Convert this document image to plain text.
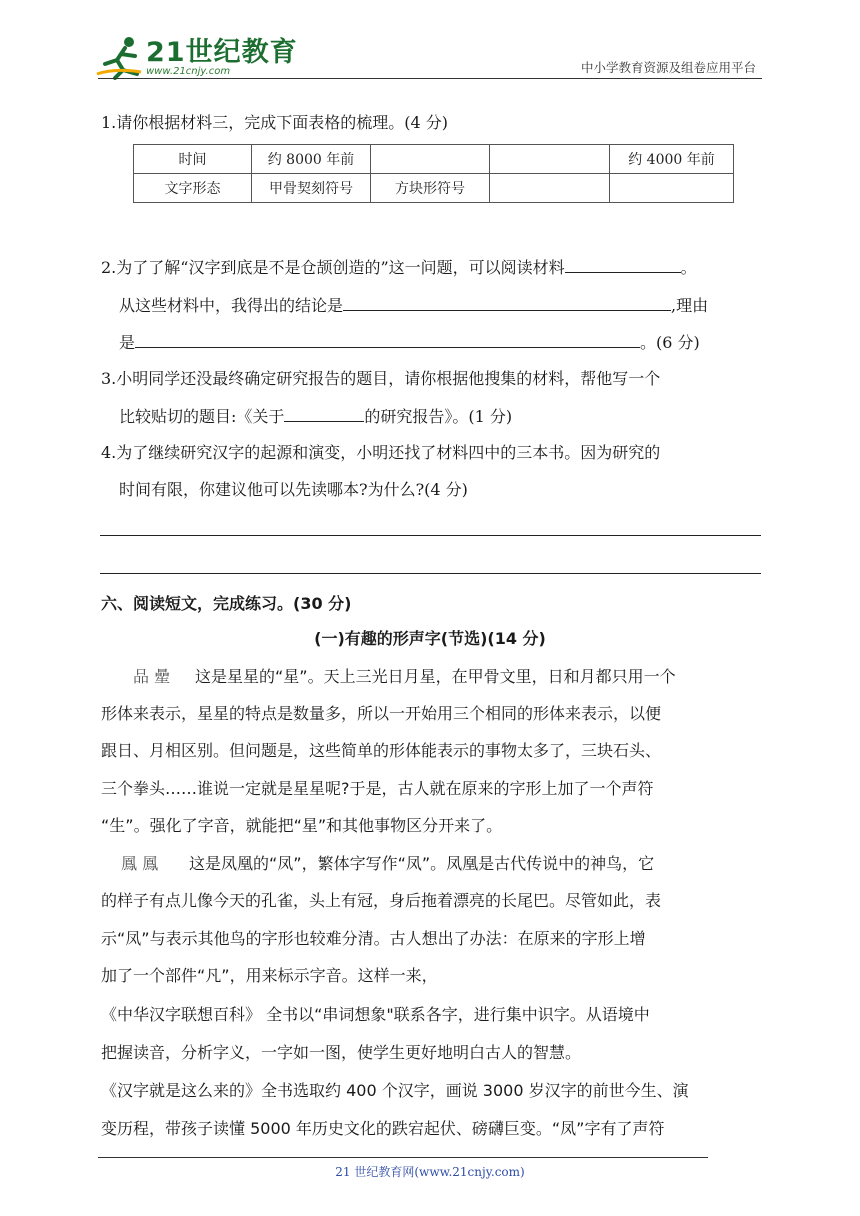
21世纪教育
www.21cnjy.com	中小学教育资源及组卷应用平台
1.请你根据材料三，完成下面表格的梳理。(4 分)
时间	约 8000 年前			约 4000 年前
文字形态	甲骨契刻符号	方块形符号		
2.为了了解“汉字到底是不是仓颉创造的”这一问题，可以阅读材料	。
从这些材料中，我得出的结论是	,理由
是	。(6 分)
3.小明同学还没最终确定研究报告的题目，请你根据他搜集的材料，帮他写一个
比较贴切的题目:《关于	的研究报告》。(1 分)
4.为了继续研究汉字的起源和演变，小明还找了材料四中的三本书。因为研究的
时间有限，你建议他可以先读哪本?为什么?(4 分)
六、阅读短文，完成练习。(30 分)
(一)有趣的形声字(节选)(14 分)
品 曐 这是星星的“星”。天上三光日月星，在甲骨文里，日和月都只用一个
形体来表示，星星的特点是数量多，所以一开始用三个相同的形体来表示，以便
跟日、月相区别。但问题是，这些简单的形体能表示的事物太多了，三块石头、
三个拳头……谁说一定就是星星呢?于是，古人就在原来的字形上加了一个声符
“生”。强化了字音，就能把“星”和其他事物区分开来了。
鳳 鳳 这是凤凰的“凤”，繁体字写作“凤”。凤凰是古代传说中的神鸟，它
的样子有点儿像今天的孔雀，头上有冠，身后拖着漂亮的长尾巴。尽管如此，表
示“凤”与表示其他鸟的字形也较难分清。古人想出了办法：在原来的字形上增
加了一个部件“凡”，用来标示字音。这样一来，
《中华汉字联想百科》 全书以“串词想象"联系各字，进行集中识字。从语境中
把握读音，分析字义，一字如一图，使学生更好地明白古人的智慧。
《汉字就是这么来的》全书选取约 400 个汉字，画说 3000 岁汉字的前世今生、演
变历程，带孩子读懂 5000 年历史文化的跌宕起伏、磅礴巨变。“凤”字有了声符
21 世纪教育网(www.21cnjy.com)
